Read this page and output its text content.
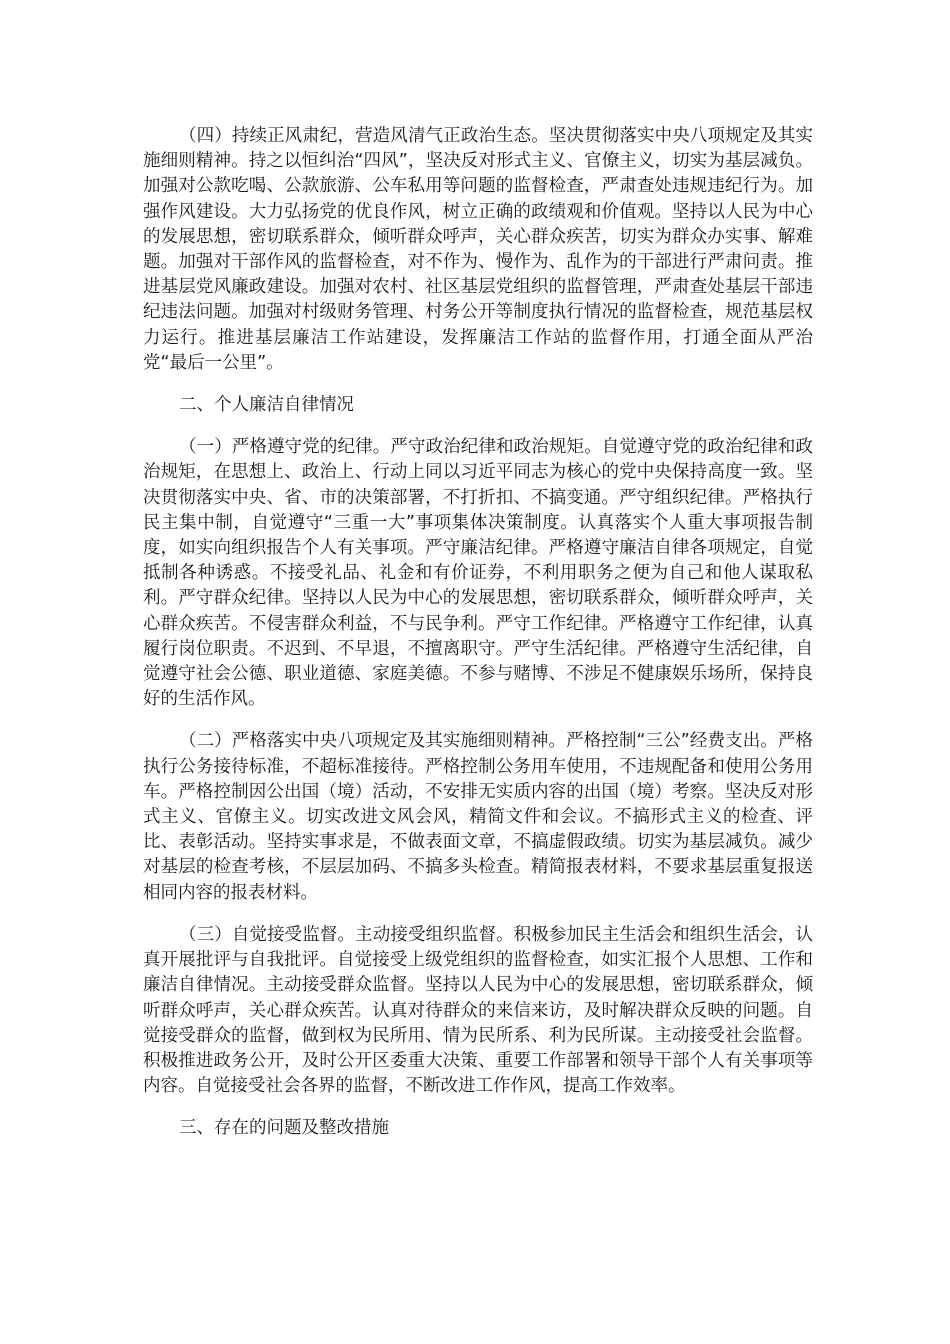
（四）持续正风肃纪，营造风清气正政治生态。坚决贯彻落实中央八项规定及其实施细则精神。持之以恒纠治“四风”，坚决反对形式主义、官僚主义，切实为基层减负。加强对公款吃喝、公款旅游、公车私用等问题的监督检查，严肃查处违规违纪行为。加强作风建设。大力弘扬党的优良作风，树立正确的政绩观和价值观。坚持以人民为中心的发展思想，密切联系群众，倾听群众呼声，关心群众疾苦，切实为群众办实事、解难题。加强对干部作风的监督检查，对不作为、慢作为、乱作为的干部进行严肃问责。推进基层党风廉政建设。加强对农村、社区基层党组织的监督管理，严肃查处基层干部违纪违法问题。加强对村级财务管理、村务公开等制度执行情况的监督检查，规范基层权力运行。推进基层廉洁工作站建设，发挥廉洁工作站的监督作用，打通全面从严治党“最后一公里”。

二、个人廉洁自律情况

（一）严格遵守党的纪律。严守政治纪律和政治规矩。自觉遵守党的政治纪律和政治规矩，在思想上、政治上、行动上同以习近平同志为核心的党中央保持高度一致。坚决贯彻落实中央、省、市的决策部署，不打折扣、不搞变通。严守组织纪律。严格执行民主集中制，自觉遵守“三重一大”事项集体决策制度。认真落实个人重大事项报告制度，如实向组织报告个人有关事项。严守廉洁纪律。严格遵守廉洁自律各项规定，自觉抵制各种诱惑。不接受礼品、礼金和有价证券，不利用职务之便为自己和他人谋取私利。严守群众纪律。坚持以人民为中心的发展思想，密切联系群众，倾听群众呼声，关心群众疾苦。不侵害群众利益，不与民争利。严守工作纪律。严格遵守工作纪律，认真履行岗位职责。不迟到、不早退，不擅离职守。严守生活纪律。严格遵守生活纪律，自觉遵守社会公德、职业道德、家庭美德。不参与赌博、不涉足不健康娱乐场所，保持良好的生活作风。

（二）严格落实中央八项规定及其实施细则精神。严格控制“三公”经费支出。严格执行公务接待标准，不超标准接待。严格控制公务用车使用，不违规配备和使用公务用车。严格控制因公出国（境）活动，不安排无实质内容的出国（境）考察。坚决反对形式主义、官僚主义。切实改进文风会风，精简文件和会议。不搞形式主义的检查、评比、表彰活动。坚持实事求是，不做表面文章，不搞虚假政绩。切实为基层减负。减少对基层的检查考核，不层层加码、不搞多头检查。精简报表材料，不要求基层重复报送相同内容的报表材料。

（三）自觉接受监督。主动接受组织监督。积极参加民主生活会和组织生活会，认真开展批评与自我批评。自觉接受上级党组织的监督检查，如实汇报个人思想、工作和廉洁自律情况。主动接受群众监督。坚持以人民为中心的发展思想，密切联系群众，倾听群众呼声，关心群众疾苦。认真对待群众的来信来访，及时解决群众反映的问题。自觉接受群众的监督，做到权为民所用、情为民所系、利为民所谋。主动接受社会监督。积极推进政务公开，及时公开区委重大决策、重要工作部署和领导干部个人有关事项等内容。自觉接受社会各界的监督，不断改进工作作风，提高工作效率。

三、存在的问题及整改措施
